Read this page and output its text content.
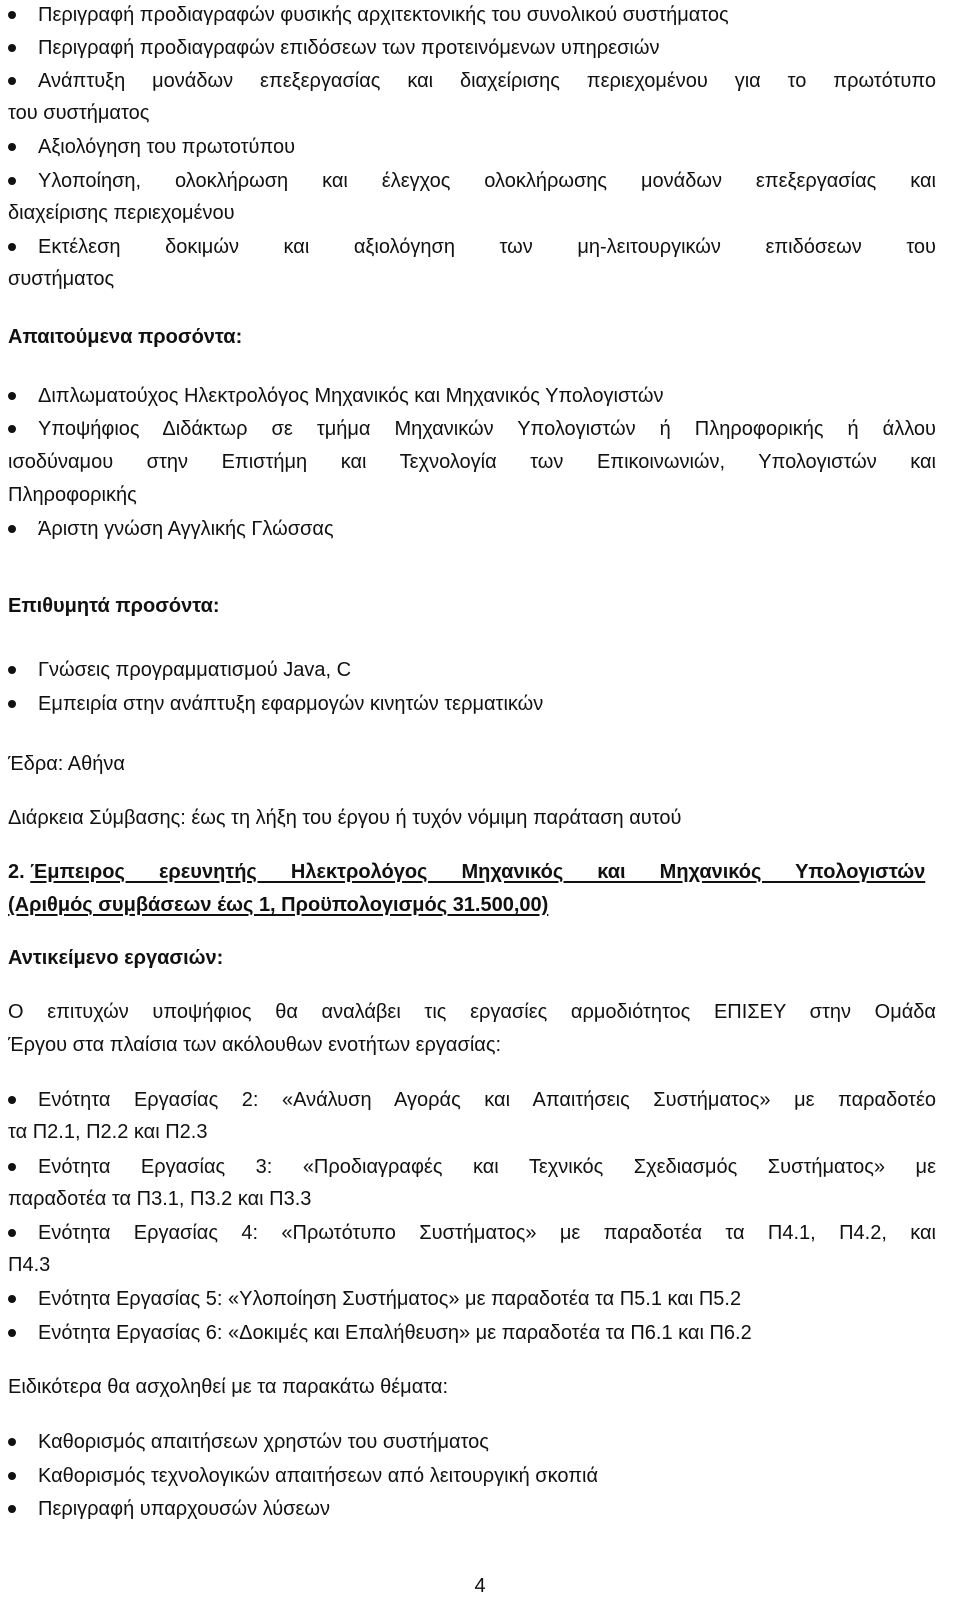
Περιγραφή προδιαγραφών φυσικής αρχιτεκτονικής του συνολικού συστήματος
Περιγραφή προδιαγραφών επιδόσεων των προτεινόμενων υπηρεσιών
Ανάπτυξη μονάδων επεξεργασίας και διαχείρισης περιεχομένου για το πρωτότυπο
του συστήματος
Αξιολόγηση του πρωτοτύπου
Υλοποίηση, ολοκλήρωση και έλεγχος ολοκλήρωσης μονάδων επεξεργασίας και
διαχείρισης περιεχομένου
Εκτέλεση δοκιμών και αξιολόγηση των μη-λειτουργικών επιδόσεων του
συστήματος
Απαιτούμενα προσόντα:
Διπλωματούχος Ηλεκτρολόγος Μηχανικός και Μηχανικός Υπολογιστών
Υποψήφιος Διδάκτωρ σε τμήμα Μηχανικών Υπολογιστών ή Πληροφορικής ή άλλου
ισοδύναμου στην Επιστήμη και Τεχνολογία των Επικοινωνιών, Υπολογιστών και
Πληροφορικής
Άριστη γνώση Αγγλικής Γλώσσας
Επιθυμητά προσόντα:
Γνώσεις προγραμματισμού Java, C
Εμπειρία στην ανάπτυξη εφαρμογών κινητών τερματικών
Έδρα: Αθήνα
Διάρκεια Σύμβασης: έως τη λήξη του έργου ή τυχόν νόμιμη παράταση αυτού
2. Έμπειρος ερευνητής Ηλεκτρολόγος Μηχανικός και Μηχανικός Υπολογιστών
(Αριθμός συμβάσεων έως 1, Προϋπολογισμός 31.500,00)
Αντικείμενο εργασιών:
Ο επιτυχών υποψήφιος θα αναλάβει τις εργασίες αρμοδιότητος ΕΠΙΣΕΥ στην Ομάδα
Έργου στα πλαίσια των ακόλουθων ενοτήτων εργασίας:
Ενότητα Εργασίας 2: «Ανάλυση Αγοράς και Απαιτήσεις Συστήματος» με παραδοτέο
τα Π2.1, Π2.2 και Π2.3
Ενότητα Εργασίας 3: «Προδιαγραφές και Τεχνικός Σχεδιασμός Συστήματος» με
παραδοτέα τα Π3.1, Π3.2 και Π3.3
Ενότητα Εργασίας 4: «Πρωτότυπο Συστήματος» με παραδοτέα τα Π4.1, Π4.2, και
Π4.3
Ενότητα Εργασίας 5: «Υλοποίηση Συστήματος» με παραδοτέα τα Π5.1 και Π5.2
Ενότητα Εργασίας 6: «Δοκιμές και Επαλήθευση» με παραδοτέα τα Π6.1 και Π6.2
Ειδικότερα θα ασχοληθεί με τα παρακάτω θέματα:
Καθορισμός απαιτήσεων χρηστών του συστήματος
Καθορισμός τεχνολογικών απαιτήσεων από λειτουργική σκοπιά
Περιγραφή υπαρχουσών λύσεων
4
